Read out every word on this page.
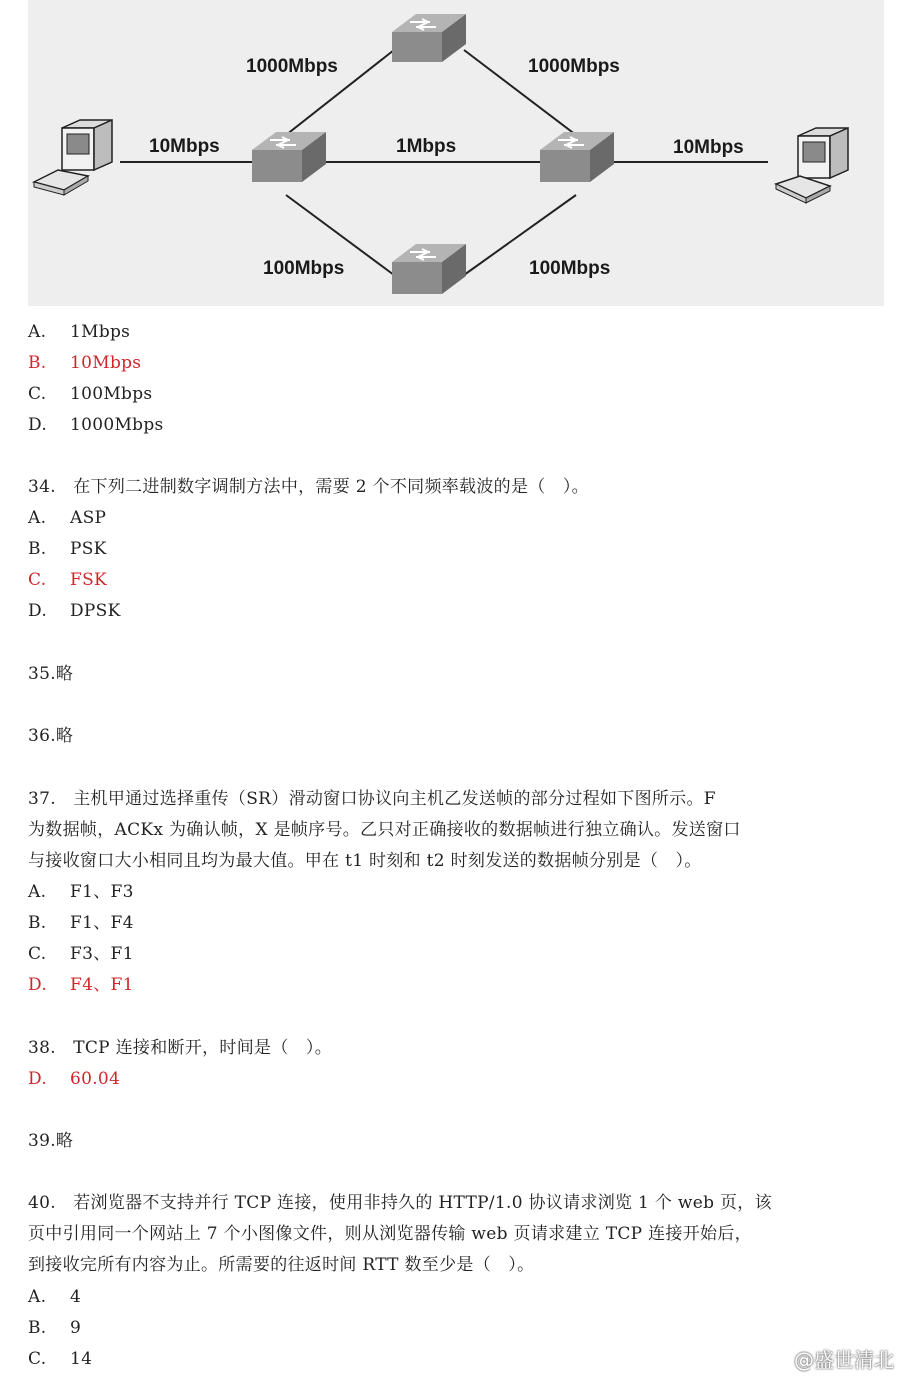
10Mbps
1000Mbps	1000Mbps
1Mbps	10Mbps
100Mbps	100Mbps
A. 1Mbps
B. 10Mbps
C. 100Mbps
D. 1000Mbps
34.　在下列二进制数字调制方法中，需要 2 个不同频率载波的是（　）。
A. ASP
B. PSK
C. FSK
D. DPSK
35.略
36.略
37.　主机甲通过选择重传（SR）滑动窗口协议向主机乙发送帧的部分过程如下图所示。F
为数据帧，ACKx 为确认帧，X 是帧序号。乙只对正确接收的数据帧进行独立确认。发送窗口
与接收窗口大小相同且均为最大值。甲在 t1 时刻和 t2 时刻发送的数据帧分别是（　）。
A. F1、F3
B. F1、F4
C. F3、F1
D. F4、F1
38.　TCP 连接和断开，时间是（　）。
D. 60.04
39.略
40.　若浏览器不支持并行 TCP 连接，使用非持久的 HTTP/1.0 协议请求浏览 1 个 web 页，该
页中引用同一个网站上 7 个小图像文件，则从浏览器传输 web 页请求建立 TCP 连接开始后，
到接收完所有内容为止。所需要的往返时间 RTT 数至少是（　）。
A. 4
B. 9
C. 14	@盛世清北
